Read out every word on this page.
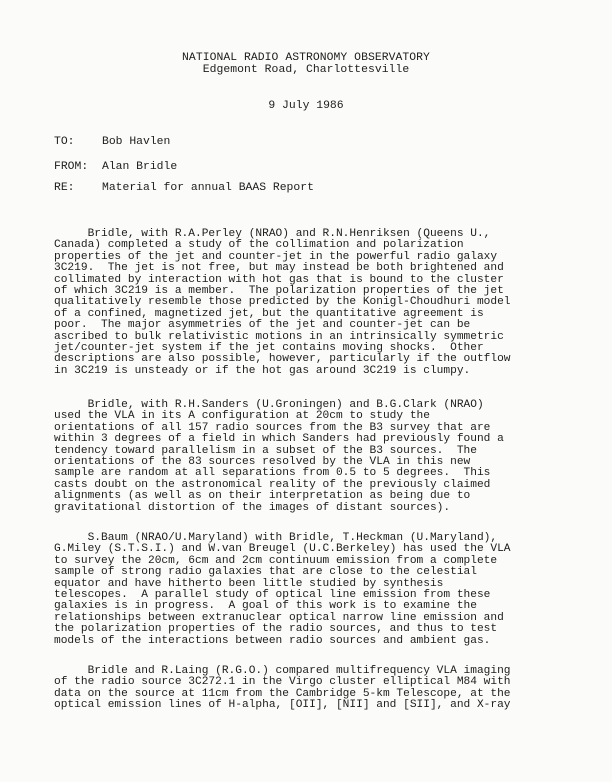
NATIONAL RADIO ASTRONOMY OBSERVATORY
Edgemont Road, Charlottesville
9 July 1986
TO: Bob Havlen
FROM: Alan Bridle
RE: Material for annual BAAS Report
Bridle, with R.A.Perley (NRAO) and R.N.Henriksen (Queens U.,
Canada) completed a study of the collimation and polarization
properties of the jet and counter-jet in the powerful radio galaxy
3C219.  The jet is not free, but may instead be both brightened and
collimated by interaction with hot gas that is bound to the cluster
of which 3C219 is a member.  The polarization properties of the jet
qualitatively resemble those predicted by the Konigl-Choudhuri model
of a confined, magnetized jet, but the quantitative agreement is
poor.  The major asymmetries of the jet and counter-jet can be
ascribed to bulk relativistic motions in an intrinsically symmetric
jet/counter-jet system if the jet contains moving shocks.  Other
descriptions are also possible, however, particularly if the outflow
in 3C219 is unsteady or if the hot gas around 3C219 is clumpy.
Bridle, with R.H.Sanders (U.Groningen) and B.G.Clark (NRAO)
used the VLA in its A configuration at 20cm to study the
orientations of all 157 radio sources from the B3 survey that are
within 3 degrees of a field in which Sanders had previously found a
tendency toward parallelism in a subset of the B3 sources.  The
orientations of the 83 sources resolved by the VLA in this new
sample are random at all separations from 0.5 to 5 degrees.  This
casts doubt on the astronomical reality of the previously claimed
alignments (as well as on their interpretation as being due to
gravitational distortion of the images of distant sources).
S.Baum (NRAO/U.Maryland) with Bridle, T.Heckman (U.Maryland),
G.Miley (S.T.S.I.) and W.van Breugel (U.C.Berkeley) has used the VLA
to survey the 20cm, 6cm and 2cm continuum emission from a complete
sample of strong radio galaxies that are close to the celestial
equator and have hitherto been little studied by synthesis
telescopes.  A parallel study of optical line emission from these
galaxies is in progress.  A goal of this work is to examine the
relationships between extranuclear optical narrow line emission and
the polarization properties of the radio sources, and thus to test
models of the interactions between radio sources and ambient gas.
Bridle and R.Laing (R.G.O.) compared multifrequency VLA imaging
of the radio source 3C272.1 in the Virgo cluster elliptical M84 with
data on the source at 11cm from the Cambridge 5-km Telescope, at the
optical emission lines of H-alpha, [OII], [NII] and [SII], and X-ray
